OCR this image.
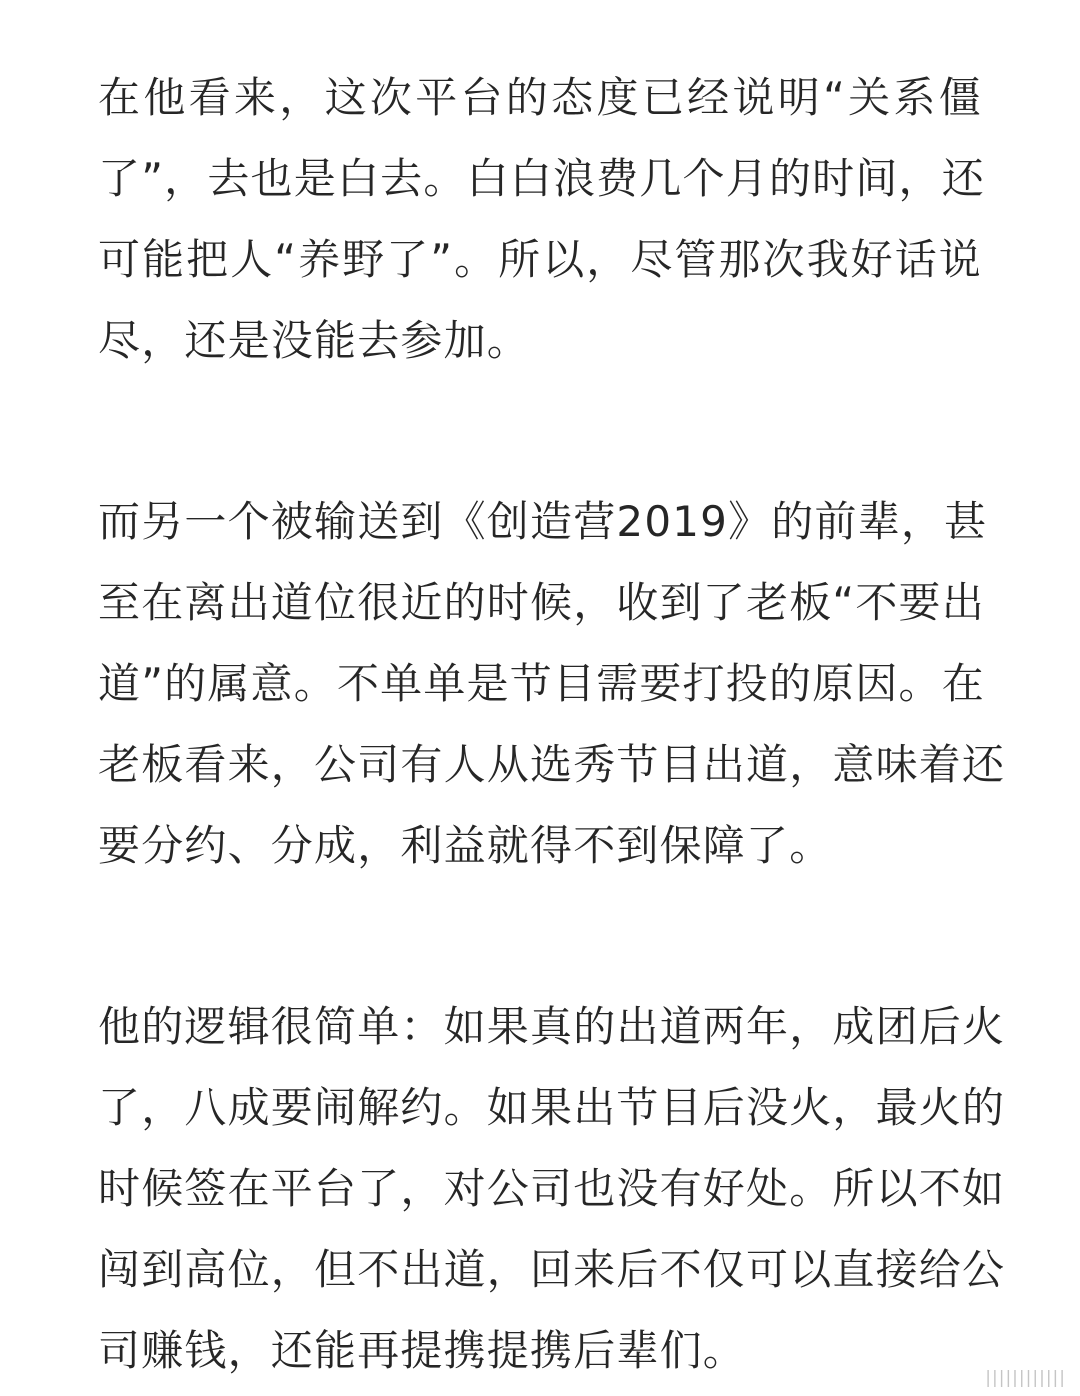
在他看来，这次平台的态度已经说明“关系僵
了”，去也是白去。白白浪费几个月的时间，还
可能把人“养野了”。所以，尽管那次我好话说
尽，还是没能去参加。
而另一个被输送到《创造营2019》的前辈，甚
至在离出道位很近的时候，收到了老板“不要出
道”的属意。不单单是节目需要打投的原因。在
老板看来，公司有人从选秀节目出道，意味着还
要分约、分成，利益就得不到保障了。
他的逻辑很简单：如果真的出道两年，成团后火
了，八成要闹解约。如果出节目后没火，最火的
时候签在平台了，对公司也没有好处。所以不如
闯到高位，但不出道，回来后不仅可以直接给公
司赚钱，还能再提携提携后辈们。
||||||||||||
